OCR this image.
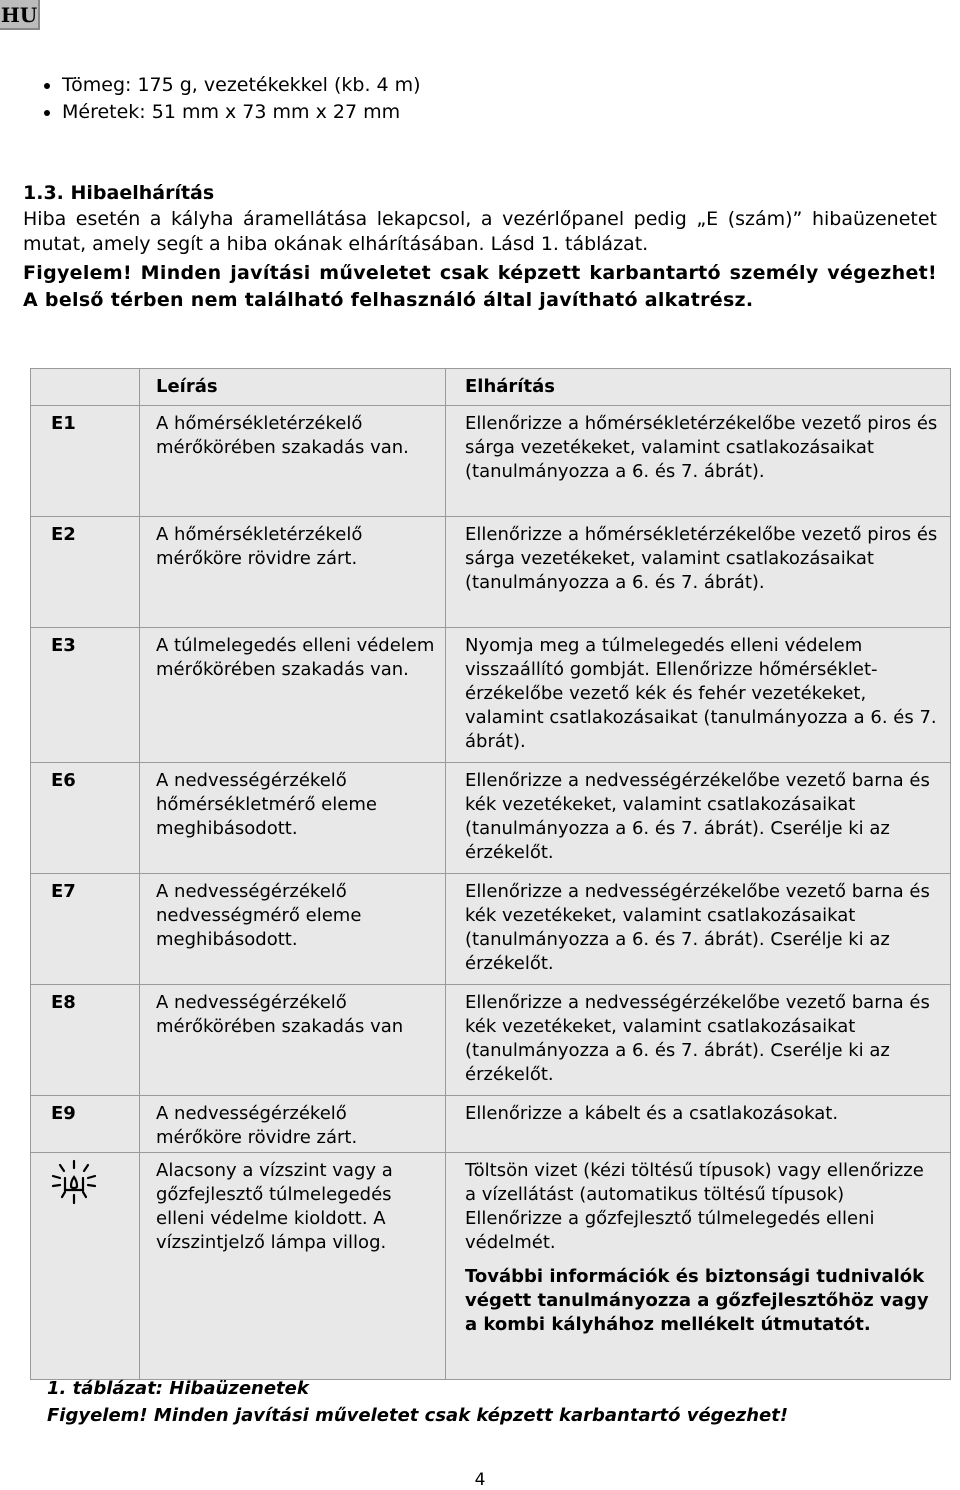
HU
• Tömeg: 175 g, vezetékekkel (kb. 4 m)
• Méretek: 51 mm x 73 mm x 27 mm
1.3. Hibaelhárítás
Hiba esetén a kályha áramellátása lekapcsol, a vezérlőpanel pedig „E (szám)” hibaüzenetet mutat, amely segít a hiba okának elhárításában. Lásd 1. táblázat.
Figyelem! Minden javítási műveletet csak képzett karbantartó személy végezhet! A belső térben nem található felhasználó által javítható alkatrész.
	Leírás	Elhárítás
E1	A hőmérsékletérzékelő mérőkörében szakadás van.	Ellenőrizze a hőmérsékletérzékelőbe vezető piros és sárga vezetékeket, valamint csatlakozásaikat (tanulmányozza a 6. és 7. ábrát).
E2	A hőmérsékletérzékelő mérőköre rövidre zárt.	Ellenőrizze a hőmérsékletérzékelőbe vezető piros és sárga vezetékeket, valamint csatlakozásaikat (tanulmányozza a 6. és 7. ábrát).
E3	A túlmelegedés elleni védelem mérőkörében szakadás van.	Nyomja meg a túlmelegedés elleni védelem visszaállító gombját. Ellenőrizze hőmérséklet-érzékelőbe vezető kék és fehér vezetékeket, valamint csatlakozásaikat (tanulmányozza a 6. és 7. ábrát).
E6	A nedvességérzékelő hőmérsékletmérő eleme meghibásodott.	Ellenőrizze a nedvességérzékelőbe vezető barna és kék vezetékeket, valamint csatlakozásaikat (tanulmányozza a 6. és 7. ábrát). Cserélje ki az érzékelőt.
E7	A nedvességérzékelő nedvességmérő eleme meghibásodott.	Ellenőrizze a nedvességérzékelőbe vezető barna és kék vezetékeket, valamint csatlakozásaikat (tanulmányozza a 6. és 7. ábrát). Cserélje ki az érzékelőt.
E8	A nedvességérzékelő mérőkörében szakadás van	Ellenőrizze a nedvességérzékelőbe vezető barna és kék vezetékeket, valamint csatlakozásaikat (tanulmányozza a 6. és 7. ábrát). Cserélje ki az érzékelőt.
E9	A nedvességérzékelő mérőköre rövidre zárt.	Ellenőrizze a kábelt és a csatlakozásokat.
	Alacsony a vízszint vagy a gőzfejlesztő túlmelegedés elleni védelme kioldott. A vízszintjelző lámpa villog.	Töltsön vizet (kézi töltésű típusok) vagy ellenőrizze a vízellátást (automatikus töltésű típusok) Ellenőrizze a gőzfejlesztő túlmelegedés elleni védelmét.
További információk és biztonsági tudnivalók végett tanulmányozza a gőzfejlesztőhöz vagy a kombi kályhához mellékelt útmutatót.
1. táblázat: Hibaüzenetek
Figyelem! Minden javítási műveletet csak képzett karbantartó végezhet!
4
